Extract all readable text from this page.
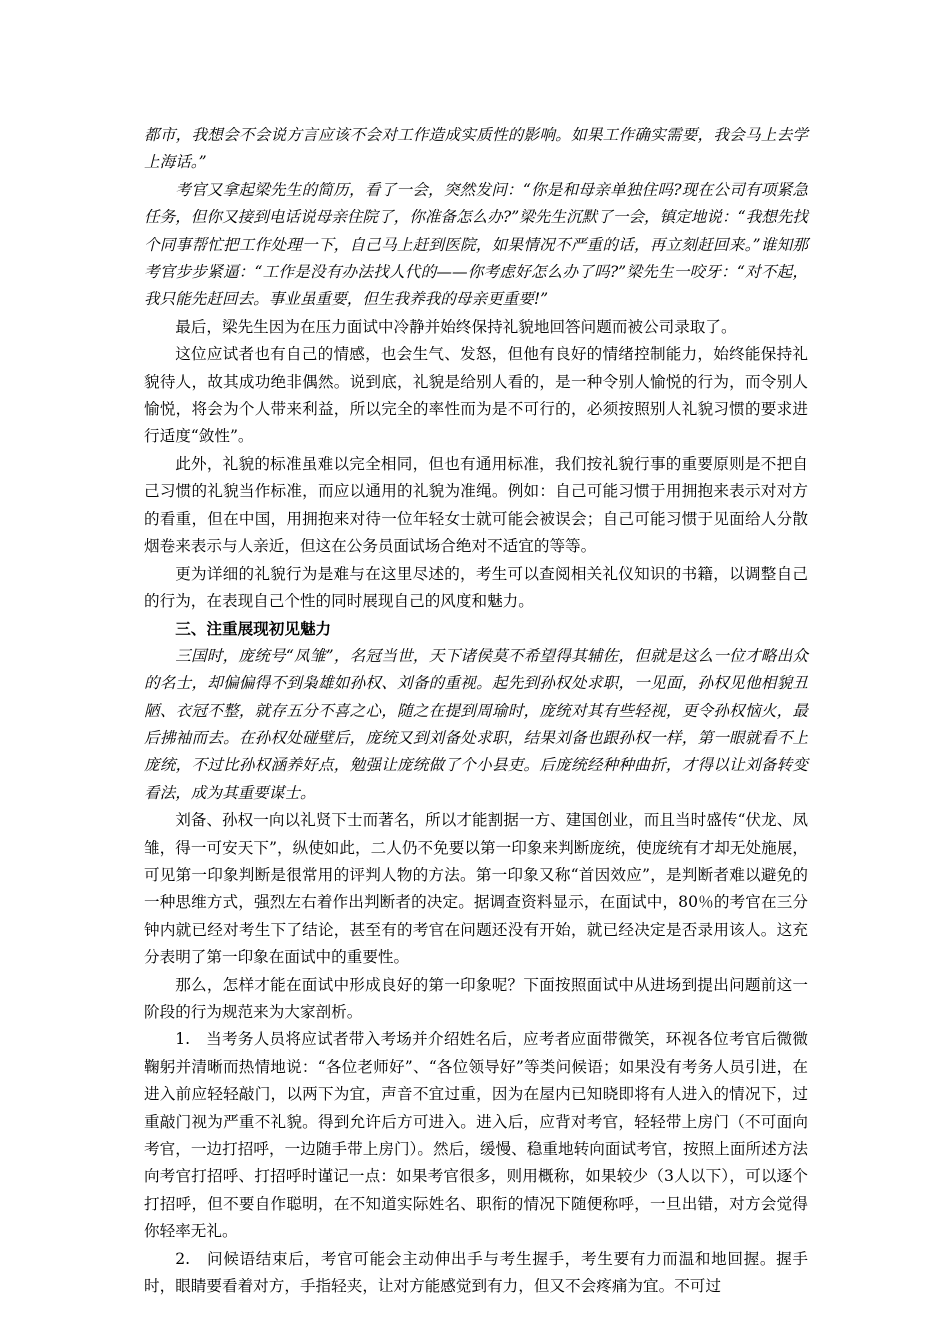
都市，我想会不会说方言应该不会对工作造成实质性的影响。如果工作确实需要，我会马上去学上海话。”

考官又拿起梁先生的简历，看了一会，突然发问：“你是和母亲单独住吗?现在公司有项紧急任务，但你又接到电话说母亲住院了，你准备怎么办?”梁先生沉默了一会，镇定地说：“我想先找个同事帮忙把工作处理一下，自己马上赶到医院，如果情况不严重的话，再立刻赶回来。”谁知那考官步步紧逼：“工作是没有办法找人代的——你考虑好怎么办了吗?”梁先生一咬牙：“对不起，我只能先赶回去。事业虽重要，但生我养我的母亲更重要!”

最后，梁先生因为在压力面试中冷静并始终保持礼貌地回答问题而被公司录取了。

这位应试者也有自己的情感，也会生气、发怒，但他有良好的情绪控制能力，始终能保持礼貌待人，故其成功绝非偶然。说到底，礼貌是给别人看的，是一种令别人愉悦的行为，而令别人愉悦，将会为个人带来利益，所以完全的率性而为是不可行的，必须按照别人礼貌习惯的要求进行适度“敛性”。

此外，礼貌的标准虽难以完全相同，但也有通用标准，我们按礼貌行事的重要原则是不把自己习惯的礼貌当作标准，而应以通用的礼貌为准绳。例如：自己可能习惯于用拥抱来表示对对方的看重，但在中国，用拥抱来对待一位年轻女士就可能会被误会；自己可能习惯于见面给人分散烟卷来表示与人亲近，但这在公务员面试场合绝对不适宜的等等。

更为详细的礼貌行为是难与在这里尽述的，考生可以查阅相关礼仪知识的书籍，以调整自己的行为，在表现自己个性的同时展现自己的风度和魅力。

三、注重展现初见魅力

三国时，庞统号“凤雏”，名冠当世，天下诸侯莫不希望得其辅佐，但就是这么一位才略出众的名士，却偏偏得不到枭雄如孙权、刘备的重视。起先到孙权处求职，一见面，孙权见他相貌丑陋、衣冠不整，就存五分不喜之心，随之在提到周瑜时，庞统对其有些轻视，更令孙权恼火，最后拂袖而去。在孙权处碰壁后，庞统又到刘备处求职，结果刘备也跟孙权一样，第一眼就看不上庞统，不过比孙权涵养好点，勉强让庞统做了个小县吏。后庞统经种种曲折，才得以让刘备转变看法，成为其重要谋士。

刘备、孙权一向以礼贤下士而著名，所以才能割据一方、建国创业，而且当时盛传“伏龙、凤雏，得一可安天下”，纵使如此，二人仍不免要以第一印象来判断庞统，使庞统有才却无处施展，可见第一印象判断是很常用的评判人物的方法。第一印象又称“首因效应”，是判断者难以避免的一种思维方式，强烈左右着作出判断者的决定。据调查资料显示，在面试中，80％的考官在三分钟内就已经对考生下了结论，甚至有的考官在问题还没有开始，就已经决定是否录用该人。这充分表明了第一印象在面试中的重要性。

那么，怎样才能在面试中形成良好的第一印象呢？下面按照面试中从进场到提出问题前这一阶段的行为规范来为大家剖析。

1.　当考务人员将应试者带入考场并介绍姓名后，应考者应面带微笑，环视各位考官后微微鞠躬并清晰而热情地说：“各位老师好”、“各位领导好”等类问候语；如果没有考务人员引进，在进入前应轻轻敲门，以两下为宜，声音不宜过重，因为在屋内已知晓即将有人进入的情况下，过重敲门视为严重不礼貌。得到允许后方可进入。进入后，应背对考官，轻轻带上房门（不可面向考官，一边打招呼，一边随手带上房门）。然后，缓慢、稳重地转向面试考官，按照上面所述方法向考官打招呼、打招呼时谨记一点：如果考官很多，则用概称，如果较少（3人以下），可以逐个打招呼，但不要自作聪明，在不知道实际姓名、职衔的情况下随便称呼，一旦出错，对方会觉得你轻率无礼。

2.　问候语结束后，考官可能会主动伸出手与考生握手，考生要有力而温和地回握。握手时，眼睛要看着对方，手指轻夹，让对方能感觉到有力，但又不会疼痛为宜。不可过
